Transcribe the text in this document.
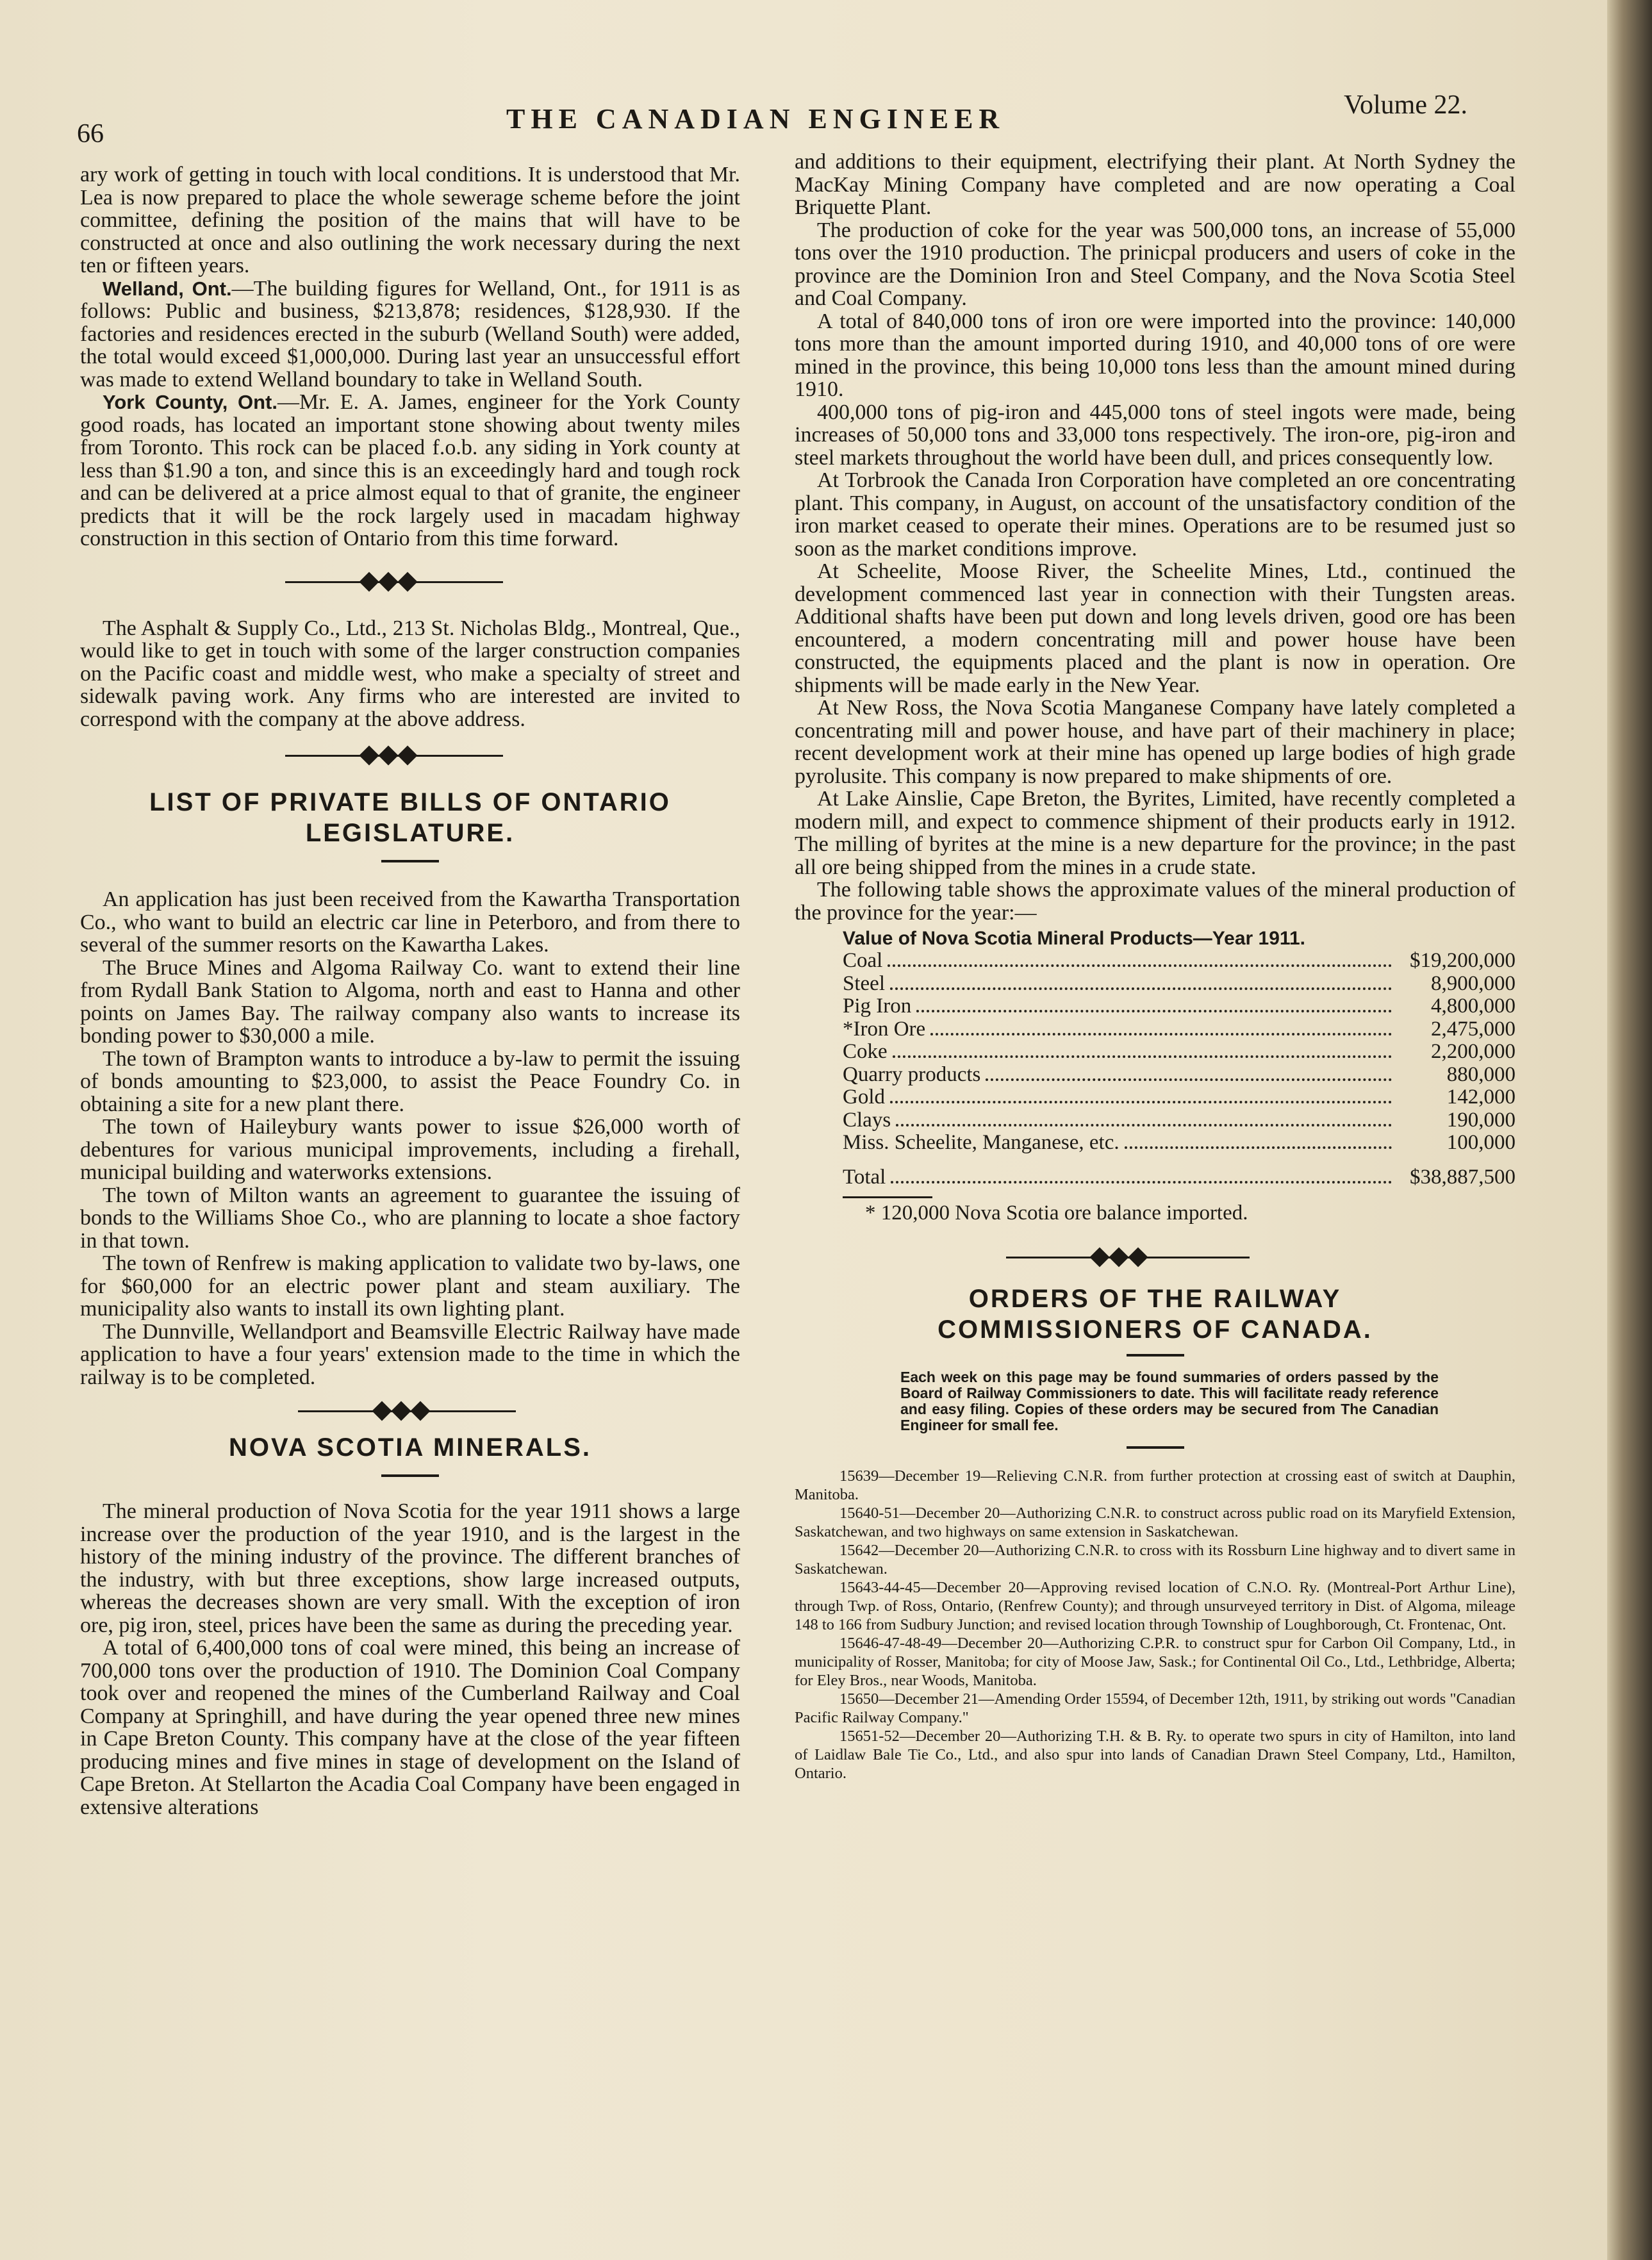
66	THE CANADIAN ENGINEER	Volume 22.

ary work of getting in touch with local conditions. It is understood that Mr. Lea is now prepared to place the whole sewerage scheme before the joint committee, defining the position of the mains that will have to be constructed at once and also outlining the work necessary during the next ten or fifteen years.

Welland, Ont.—The building figures for Welland, Ont., for 1911 is as follows: Public and business, $213,878; residences, $128,930. If the factories and residences erected in the suburb (Welland South) were added, the total would exceed $1,000,000. During last year an unsuccessful effort was made to extend Welland boundary to take in Welland South.

York County, Ont.—Mr. E. A. James, engineer for the York County good roads, has located an important stone showing about twenty miles from Toronto. This rock can be placed f.o.b. any siding in York county at less than $1.90 a ton, and since this is an exceedingly hard and tough rock and can be delivered at a price almost equal to that of granite, the engineer predicts that it will be the rock largely used in macadam highway construction in this section of Ontario from this time forward.

The Asphalt & Supply Co., Ltd., 213 St. Nicholas Bldg., Montreal, Que., would like to get in touch with some of the larger construction companies on the Pacific coast and middle west, who make a specialty of street and sidewalk paving work. Any firms who are interested are invited to correspond with the company at the above address.

LIST OF PRIVATE BILLS OF ONTARIO LEGISLATURE.

An application has just been received from the Kawartha Transportation Co., who want to build an electric car line in Peterboro, and from there to several of the summer resorts on the Kawartha Lakes.

The Bruce Mines and Algoma Railway Co. want to extend their line from Rydall Bank Station to Algoma, north and east to Hanna and other points on James Bay. The railway company also wants to increase its bonding power to $30,000 a mile.

The town of Brampton wants to introduce a by-law to permit the issuing of bonds amounting to $23,000, to assist the Peace Foundry Co. in obtaining a site for a new plant there.

The town of Haileybury wants power to issue $26,000 worth of debentures for various municipal improvements, including a firehall, municipal building and waterworks extensions.

The town of Milton wants an agreement to guarantee the issuing of bonds to the Williams Shoe Co., who are planning to locate a shoe factory in that town.

The town of Renfrew is making application to validate two by-laws, one for $60,000 for an electric power plant and steam auxiliary. The municipality also wants to install its own lighting plant.

The Dunnville, Wellandport and Beamsville Electric Railway have made application to have a four years' extension made to the time in which the railway is to be completed.

NOVA SCOTIA MINERALS.

The mineral production of Nova Scotia for the year 1911 shows a large increase over the production of the year 1910, and is the largest in the history of the mining industry of the province. The different branches of the industry, with but three exceptions, show large increased outputs, whereas the decreases shown are very small. With the exception of iron ore, pig iron, steel, prices have been the same as during the preceding year.

A total of 6,400,000 tons of coal were mined, this being an increase of 700,000 tons over the production of 1910. The Dominion Coal Company took over and reopened the mines of the Cumberland Railway and Coal Company at Springhill, and have during the year opened three new mines in Cape Breton County. This company have at the close of the year fifteen producing mines and five mines in stage of development on the Island of Cape Breton. At Stellarton the Acadia Coal Company have been engaged in extensive alterations

and additions to their equipment, electrifying their plant. At North Sydney the MacKay Mining Company have completed and are now operating a Coal Briquette Plant.

The production of coke for the year was 500,000 tons, an increase of 55,000 tons over the 1910 production. The prinicpal producers and users of coke in the province are the Dominion Iron and Steel Company, and the Nova Scotia Steel and Coal Company.

A total of 840,000 tons of iron ore were imported into the province: 140,000 tons more than the amount imported during 1910, and 40,000 tons of ore were mined in the province, this being 10,000 tons less than the amount mined during 1910.

400,000 tons of pig-iron and 445,000 tons of steel ingots were made, being increases of 50,000 tons and 33,000 tons respectively. The iron-ore, pig-iron and steel markets throughout the world have been dull, and prices consequently low.

At Torbrook the Canada Iron Corporation have completed an ore concentrating plant. This company, in August, on account of the unsatisfactory condition of the iron market ceased to operate their mines. Operations are to be resumed just so soon as the market conditions improve.

At Scheelite, Moose River, the Scheelite Mines, Ltd., continued the development commenced last year in connection with their Tungsten areas. Additional shafts have been put down and long levels driven, good ore has been encountered, a modern concentrating mill and power house have been constructed, the equipments placed and the plant is now in operation. Ore shipments will be made early in the New Year.

At New Ross, the Nova Scotia Manganese Company have lately completed a concentrating mill and power house, and have part of their machinery in place; recent development work at their mine has opened up large bodies of high grade pyrolusite. This company is now prepared to make shipments of ore.

At Lake Ainslie, Cape Breton, the Byrites, Limited, have recently completed a modern mill, and expect to commence shipment of their products early in 1912. The milling of byrites at the mine is a new departure for the province; in the past all ore being shipped from the mines in a crude state.

The following table shows the approximate values of the mineral production of the province for the year:—

Value of Nova Scotia Mineral Products—Year 1911.
Coal	$19,200,000
Steel	8,900,000
Pig Iron	4,800,000
*Iron Ore	2,475,000
Coke	2,200,000
Quarry products	880,000
Gold	142,000
Clays	190,000
Miss. Scheelite, Manganese, etc.	100,000
Total	$38,887,500
* 120,000 Nova Scotia ore balance imported.
ORDERS OF THE RAILWAY COMMISSIONERS OF CANADA.
Each week on this page may be found summaries of orders passed by the Board of Railway Commissioners to date. This will facilitate ready reference and easy filing. Copies of these orders may be secured from The Canadian Engineer for small fee.

15639—December 19—Relieving C.N.R. from further protection at crossing east of switch at Dauphin, Manitoba.

15640-51—December 20—Authorizing C.N.R. to construct across public road on its Maryfield Extension, Saskatchewan, and two highways on same extension in Saskatchewan.

15642—December 20—Authorizing C.N.R. to cross with its Rossburn Line highway and to divert same in Saskatchewan.

15643-44-45—December 20—Approving revised location of C.N.O. Ry. (Montreal-Port Arthur Line), through Twp. of Ross, Ontario, (Renfrew County); and through unsurveyed territory in Dist. of Algoma, mileage 148 to 166 from Sudbury Junction; and revised location through Township of Loughborough, Ct. Frontenac, Ont.

15646-47-48-49—December 20—Authorizing C.P.R. to construct spur for Carbon Oil Company, Ltd., in municipality of Rosser, Manitoba; for city of Moose Jaw, Sask.; for Continental Oil Co., Ltd., Lethbridge, Alberta; for Eley Bros., near Woods, Manitoba.

15650—December 21—Amending Order 15594, of December 12th, 1911, by striking out words "Canadian Pacific Railway Company."

15651-52—December 20—Authorizing T.H. & B. Ry. to operate two spurs in city of Hamilton, into land of Laidlaw Bale Tie Co., Ltd., and also spur into lands of Canadian Drawn Steel Company, Ltd., Hamilton, Ontario.
